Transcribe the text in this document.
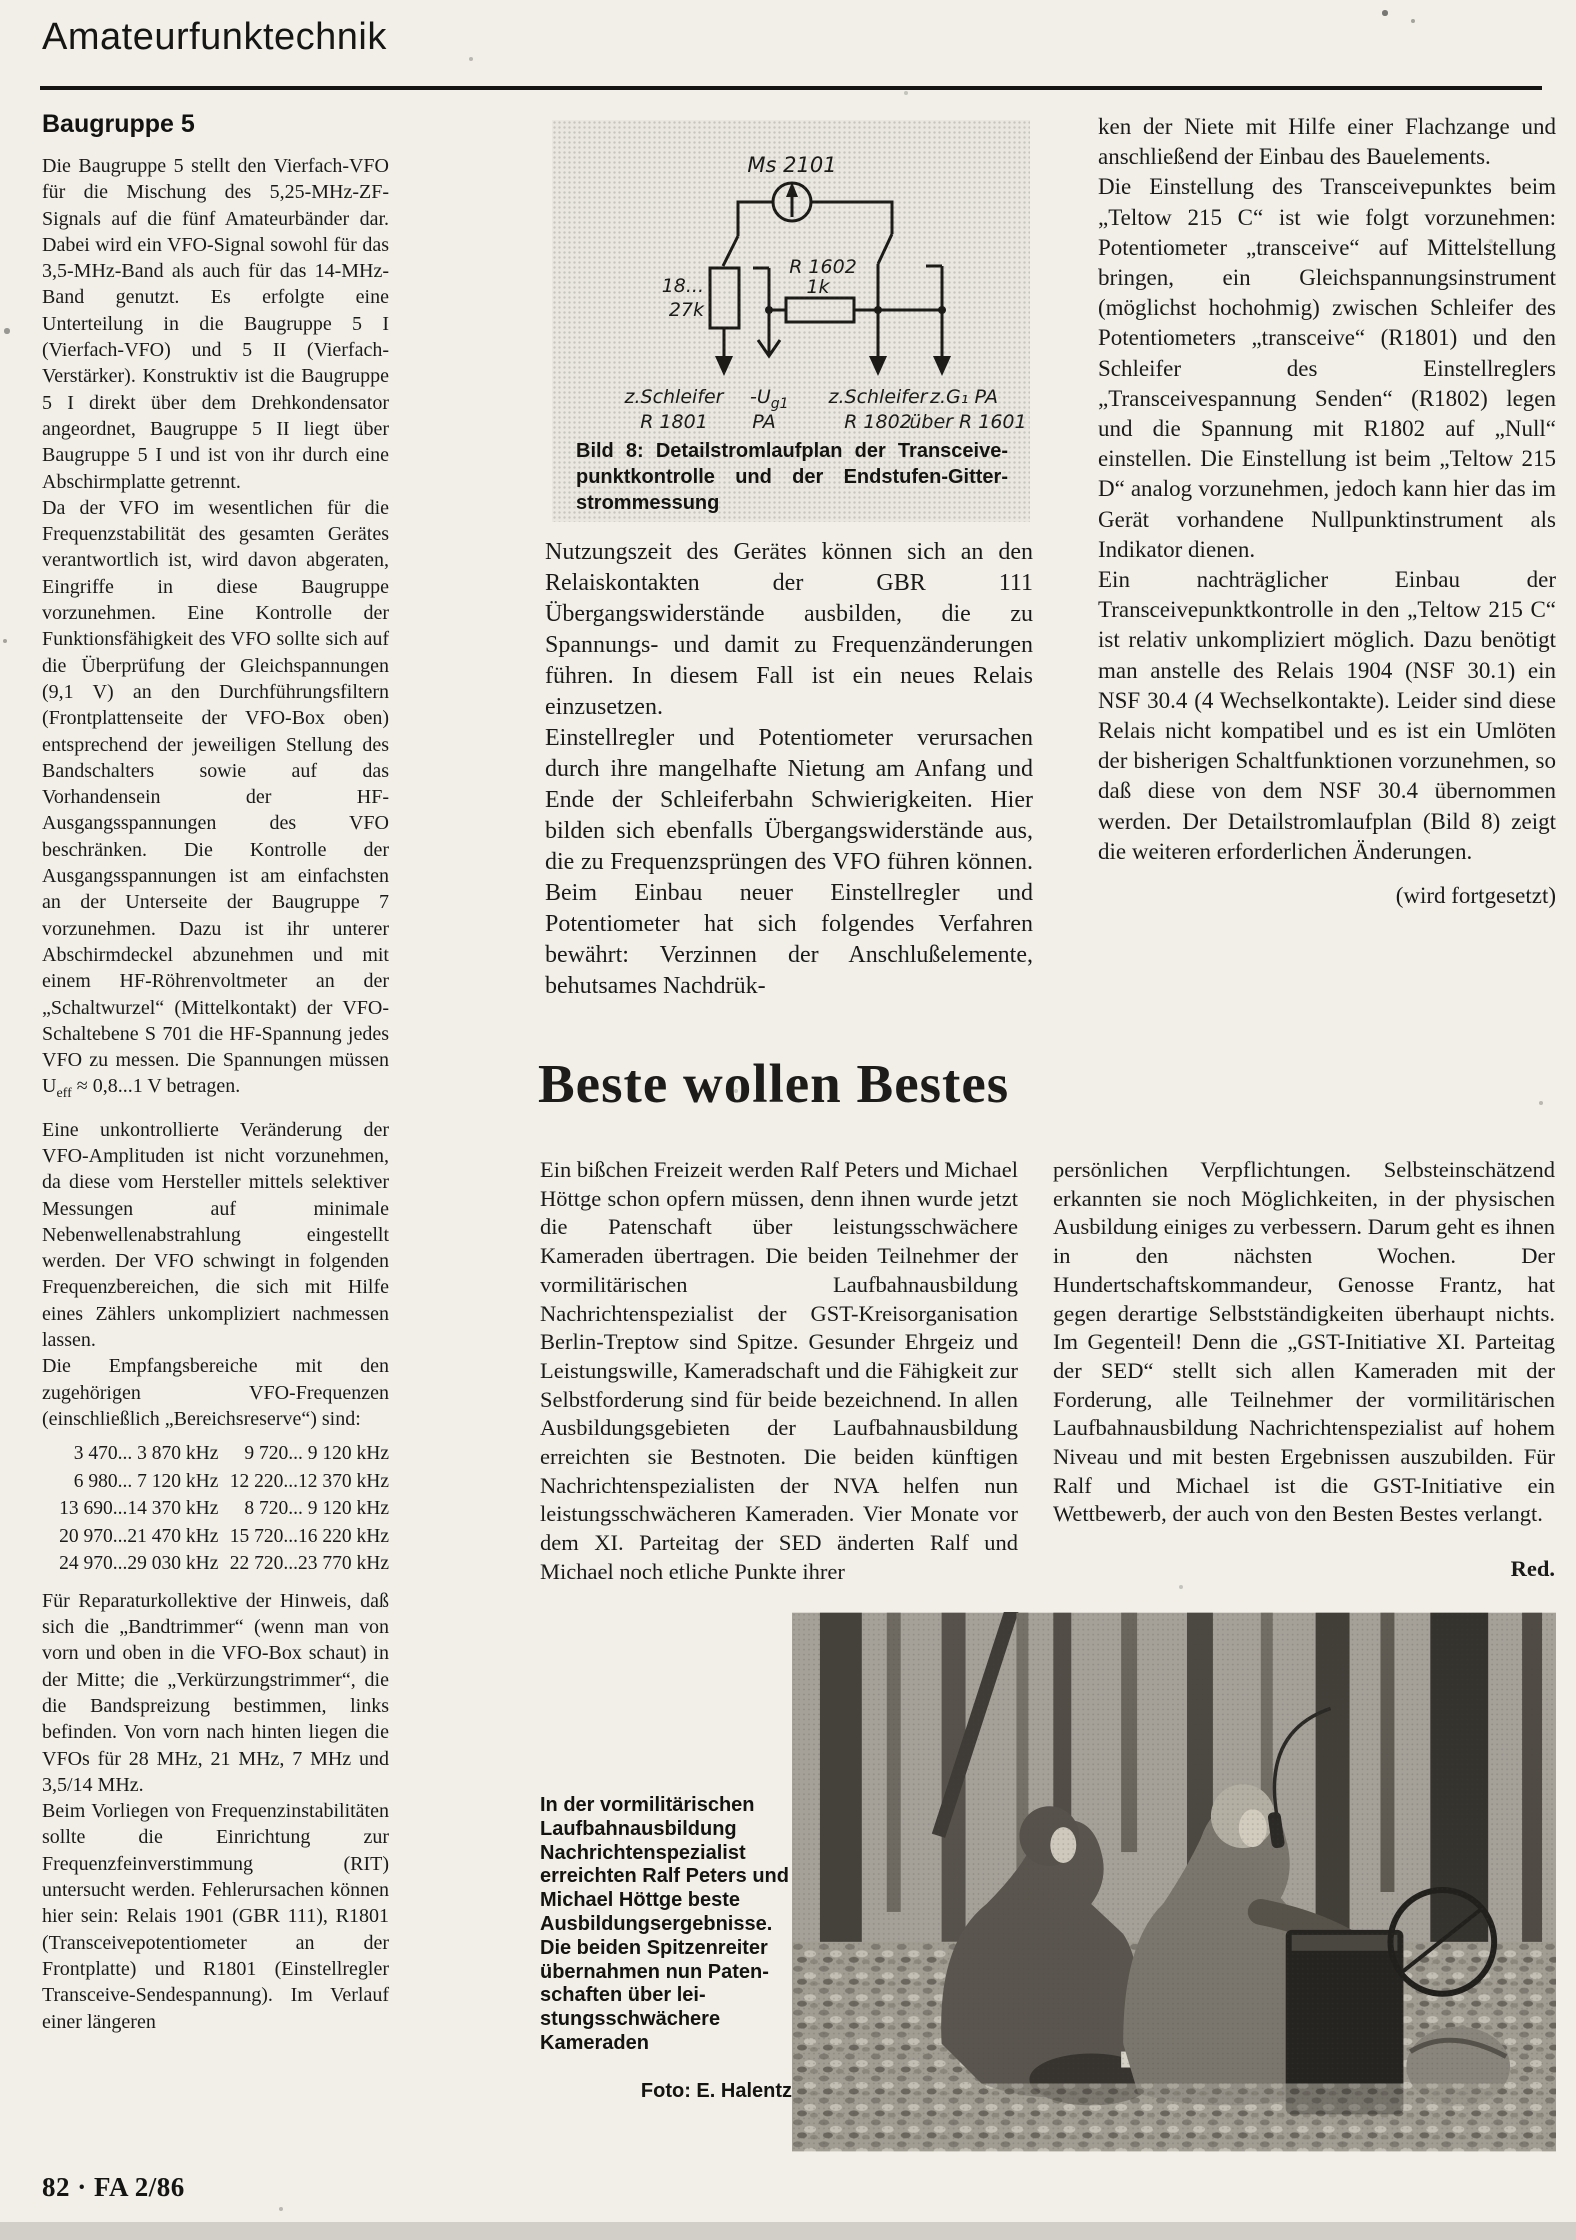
Amateurfunktechnik
Baugruppe 5

Die Baugruppe 5 stellt den Vierfach-VFO für die Mischung des 5,25-MHz-ZF-Signals auf die fünf Amateurbänder dar. Dabei wird ein VFO-Signal sowohl für das 3,5-MHz-Band als auch für das 14-MHz-Band genutzt. Es erfolgte eine Unterteilung in die Baugruppe 5 I (Vierfach-VFO) und 5 II (Vierfach-Verstärker). Konstruktiv ist die Baugruppe 5 I direkt über dem Drehkondensator angeordnet, Baugruppe 5 II liegt über Baugruppe 5 I und ist von ihr durch eine Abschirmplatte getrennt.

Da der VFO im wesentlichen für die Frequenzstabilität des gesamten Gerätes verantwortlich ist, wird davon abgeraten, Eingriffe in diese Baugruppe vorzunehmen. Eine Kontrolle der Funktionsfähigkeit des VFO sollte sich auf die Überprüfung der Gleichspannungen (9,1 V) an den Durchführungsfiltern (Frontplattenseite der VFO-Box oben) entsprechend der jeweiligen Stellung des Bandschalters sowie auf das Vorhandensein der HF-Ausgangsspannungen des VFO beschränken. Die Kontrolle der Ausgangsspannungen ist am einfachsten an der Unterseite der Baugruppe 7 vorzunehmen. Dazu ist ihr unterer Abschirmdeckel abzunehmen und mit einem HF-Röhrenvoltmeter an der „Schaltwurzel“ (Mittelkontakt) der VFO-Schaltebene S 701 die HF-Spannung jedes VFO zu messen. Die Spannungen müssen $U_{eff} \approx 0,8...1$ V betragen.

Eine unkontrollierte Veränderung der VFO-Amplituden ist nicht vorzunehmen, da diese vom Hersteller mittels selektiver Messungen auf minimale Nebenwellenabstrahlung eingestellt werden. Der VFO schwingt in folgenden Frequenzbereichen, die sich mit Hilfe eines Zählers unkompliziert nachmessen lassen.

Die Empfangsbereiche mit den zugehörigen VFO-Frequenzen (einschließlich „Bereichsreserve“) sind:

3 470... 3 870 kHz	9 720... 9 120 kHz
6 980... 7 120 kHz 12 220...12 370 kHz
13 690...14 370 kHz	8 720... 9 120 kHz
20 970...21 470 kHz 15 720...16 220 kHz
24 970...29 030 kHz 22 720...23 770 kHz

Für Reparaturkollektive der Hinweis, daß sich die „Bandtrimmer“ (wenn man von vorn und oben in die VFO-Box schaut) in der Mitte; die „Verkürzungstrimmer“, die die Bandspreizung bestimmen, links befinden. Von vorn nach hinten liegen die VFOs für 28 MHz, 21 MHz, 7 MHz und 3,5/14 MHz.

Beim Vorliegen von Frequenzinstabilitäten sollte die Einrichtung zur Frequenzfeinverstimmung (RIT) untersucht werden. Fehlerursachen können hier sein: Relais 1901 (GBR 111), R1801 (Transceivepotentiometer an der Frontplatte) und R1801 (Einstellregler Transceive-Sendespannung). Im Verlauf einer längeren

Ms 2101
18...
27k
R 1602
1k
z.Schleifer
R 1801
$-U_{g1}$
PA
z.Schleifer
R 1802
z.G₁ PA
über R 1601
Bild 8: Detailstromlaufplan der Transceive-punktkontrolle und der Endstufen-Gitter-strommessung

Nutzungszeit des Gerätes können sich an den Relaiskontakten der GBR 111 Übergangswiderstände ausbilden, die zu Spannungs- und damit zu Frequenzänderungen führen. In diesem Fall ist ein neues Relais einzusetzen.

Einstellregler und Potentiometer verursachen durch ihre mangelhafte Nietung am Anfang und Ende der Schleiferbahn Schwierigkeiten. Hier bilden sich ebenfalls Übergangswiderstände aus, die zu Frequenzsprüngen des VFO führen können. Beim Einbau neuer Einstellregler und Potentiometer hat sich folgendes Verfahren bewährt: Verzinnen der Anschlußelemente, behutsames Nachdrük-

ken der Niete mit Hilfe einer Flachzange und anschließend der Einbau des Bauelements.

Die Einstellung des Transceivepunktes beim „Teltow 215 C“ ist wie folgt vorzunehmen: Potentiometer „transceive“ auf Mittelstellung bringen, ein Gleichspannungsinstrument (möglichst hochohmig) zwischen Schleifer des Potentiometers „transceive“ (R1801) und den Schleifer des Einstellreglers „Transceivespannung Senden“ (R1802) legen und die Spannung mit R1802 auf „Null“ einstellen. Die Einstellung ist beim „Teltow 215 D“ analog vorzunehmen, jedoch kann hier das im Gerät vorhandene Nullpunktinstrument als Indikator dienen.

Ein nachträglicher Einbau der Transceivepunktkontrolle in den „Teltow 215 C“ ist relativ unkompliziert möglich. Dazu benötigt man anstelle des Relais 1904 (NSF 30.1) ein NSF 30.4 (4 Wechselkontakte). Leider sind diese Relais nicht kompatibel und es ist ein Umlöten der bisherigen Schaltfunktionen vorzunehmen, so daß diese von dem NSF 30.4 übernommen werden. Der Detailstromlaufplan (Bild 8) zeigt die weiteren erforderlichen Änderungen.

(wird fortgesetzt)

Beste wollen Bestes

Ein bißchen Freizeit werden Ralf Peters und Michael Höttge schon opfern müssen, denn ihnen wurde jetzt die Patenschaft über leistungsschwächere Kameraden übertragen. Die beiden Teilnehmer der vormilitärischen Laufbahnausbildung Nachrichtenspezialist der GST-Kreisorganisation Berlin-Treptow sind Spitze. Gesunder Ehrgeiz und Leistungswille, Kameradschaft und die Fähigkeit zur Selbstforderung sind für beide bezeichnend. In allen Ausbildungsgebieten der Laufbahnausbildung erreichten sie Bestnoten. Die beiden künftigen Nachrichtenspezialisten der NVA helfen nun leistungsschwächeren Kameraden. Vier Monate vor dem XI. Parteitag der SED änderten Ralf und Michael noch etliche Punkte ihrer

persönlichen Verpflichtungen. Selbsteinschätzend erkannten sie noch Möglichkeiten, in der physischen Ausbildung einiges zu verbessern. Darum geht es ihnen in den nächsten Wochen. Der Hundertschaftskommandeur, Genosse Frantz, hat gegen derartige Selbstständigkeiten überhaupt nichts. Im Gegenteil! Denn die „GST-Initiative XI. Parteitag der SED“ stellt sich allen Kameraden mit der Forderung, alle Teilnehmer der vormilitärischen Laufbahnausbildung Nachrichtenspezialist auf hohem Niveau und mit besten Ergebnissen auszubilden. Für Ralf und Michael ist die GST-Initiative ein Wettbewerb, der auch von den Besten Bestes verlangt.

Red.

In der vormilitärischen Laufbahnausbildung Nachrichtenspezialist erreichten Ralf Peters und Michael Höttge beste Ausbildungsergebnisse. Die beiden Spitzenreiter übernahmen nun Patenschaften über leistungsschwächere Kameraden

Foto: E. Halentz

82 · FA 2/86
